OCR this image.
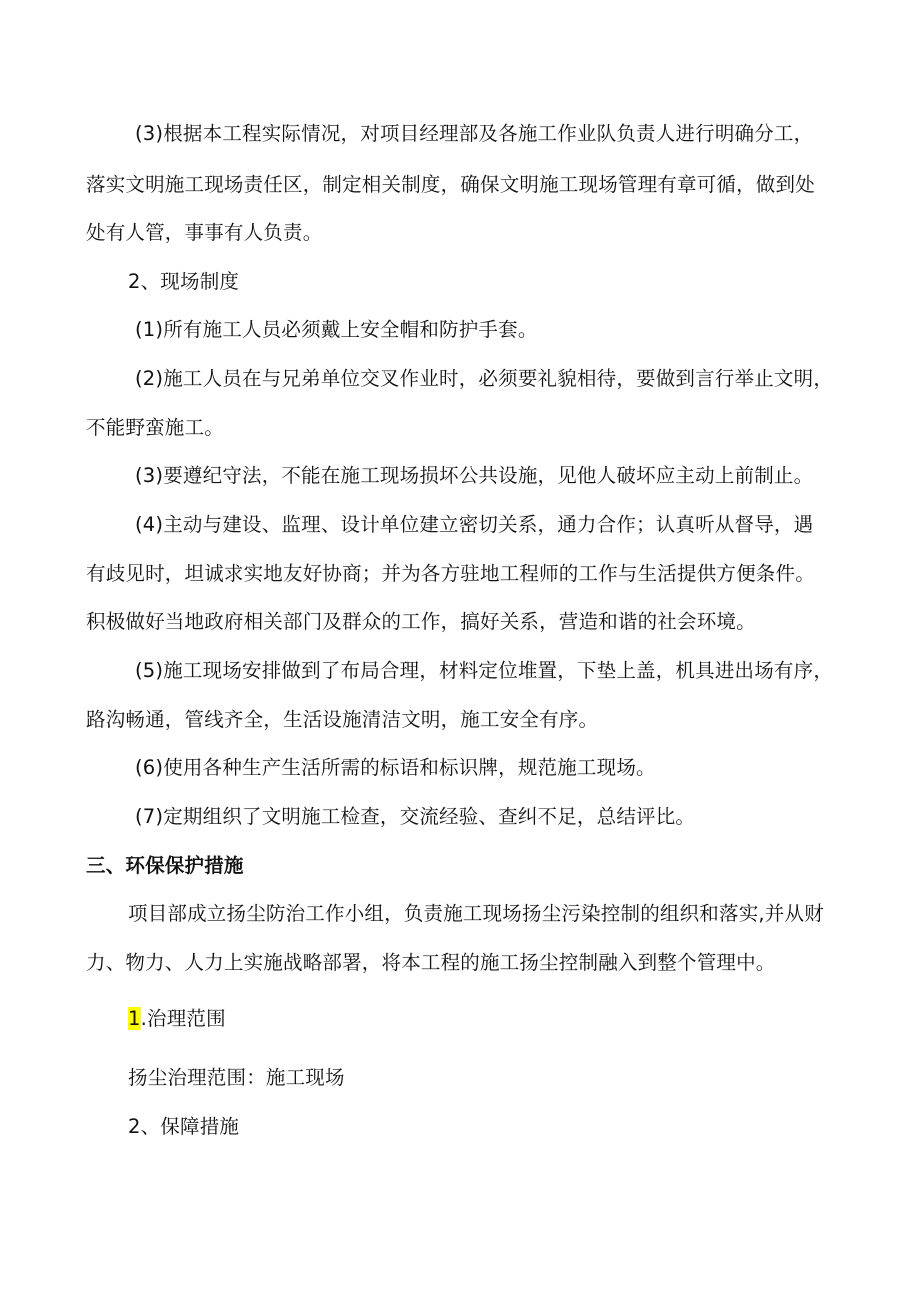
(3)根据本工程实际情况，对项目经理部及各施工作业队负责人进行明确分工，

落实文明施工现场责任区，制定相关制度，确保文明施工现场管理有章可循，做到处

处有人管，事事有人负责。

2、现场制度

(1)所有施工人员必须戴上安全帽和防护手套。

(2)施工人员在与兄弟单位交叉作业时，必须要礼貌相待，要做到言行举止文明，

不能野蛮施工。

(3)要遵纪守法，不能在施工现场损坏公共设施，见他人破坏应主动上前制止。

(4)主动与建设、监理、设计单位建立密切关系，通力合作；认真听从督导，遇

有歧见时，坦诚求实地友好协商；并为各方驻地工程师的工作与生活提供方便条件。

积极做好当地政府相关部门及群众的工作，搞好关系，营造和谐的社会环境。

(5)施工现场安排做到了布局合理，材料定位堆置，下垫上盖，机具进出场有序，

路沟畅通，管线齐全，生活设施清洁文明，施工安全有序。

(6)使用各种生产生活所需的标语和标识牌，规范施工现场。

(7)定期组织了文明施工检查，交流经验、查纠不足，总结评比。

三、环保保护措施

项目部成立扬尘防治工作小组，负责施工现场扬尘污染控制的组织和落实,并从财

力、物力、人力上实施战略部署，将本工程的施工扬尘控制融入到整个管理中。

1.治理范围

扬尘治理范围：施工现场

2、保障措施
